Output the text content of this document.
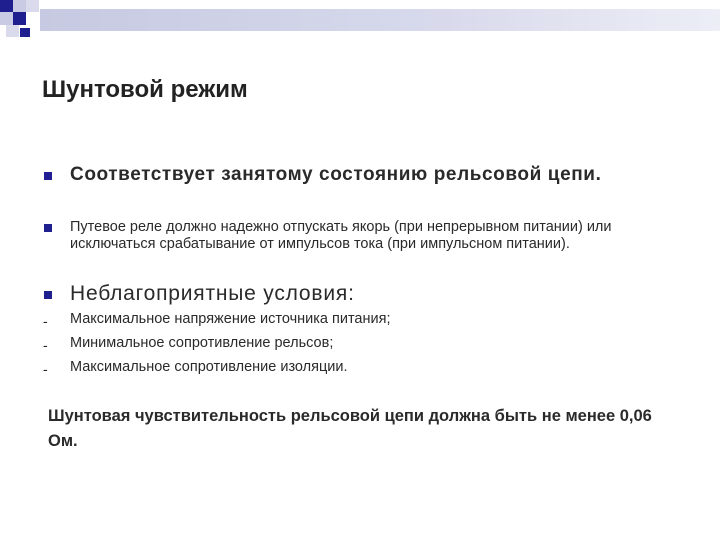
Шунтовой режим
Соответствует занятому состоянию рельсовой цепи.
Путевое реле должно надежно отпускать якорь (при непрерывном питании) или исключаться срабатывание от импульсов тока (при импульсном питании).
Неблагоприятные условия:
- Максимальное напряжение источника питания;
- Минимальное сопротивление рельсов;
- Максимальное сопротивление изоляции.
Шунтовая чувствительность рельсовой цепи должна быть не менее 0,06 Ом.
